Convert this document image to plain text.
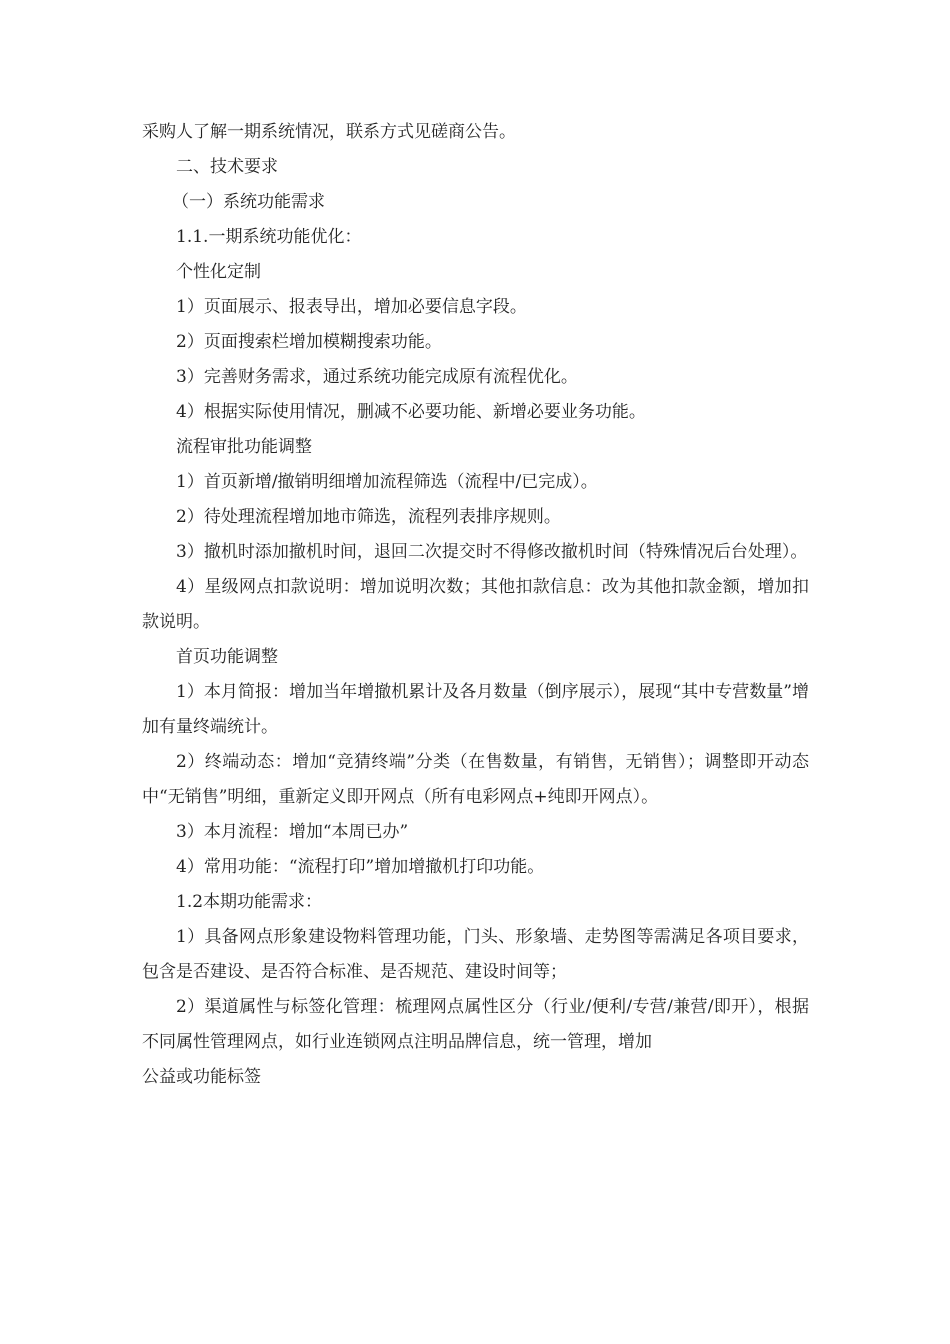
采购人了解一期系统情况，联系方式见磋商公告。
二、技术要求
（一）系统功能需求
1.1.一期系统功能优化：
个性化定制
1）页面展示、报表导出，增加必要信息字段。
2）页面搜索栏增加模糊搜索功能。
3）完善财务需求，通过系统功能完成原有流程优化。
4）根据实际使用情况，删减不必要功能、新增必要业务功能。
流程审批功能调整
1）首页新增/撤销明细增加流程筛选（流程中/已完成）。
2）待处理流程增加地市筛选，流程列表排序规则。

3）撤机时添加撤机时间，退回二次提交时不得修改撤机时间（特殊情况后台处理）。

4）星级网点扣款说明：增加说明次数；其他扣款信息：改为其他扣款金额，增加扣款说明。

首页功能调整

1）本月简报：增加当年增撤机累计及各月数量（倒序展示），展现“其中专营数量”增加有量终端统计。

2）终端动态：增加“竞猜终端”分类（在售数量，有销售，无销售）；调整即开动态中“无销售”明细，重新定义即开网点（所有电彩网点+纯即开网点）。

3）本月流程：增加“本周已办”
4）常用功能：“流程打印”增加增撤机打印功能。
1.2本期功能需求：

1）具备网点形象建设物料管理功能，门头、形象墙、走势图等需满足各项目要求，包含是否建设、是否符合标准、是否规范、建设时间等；

2）渠道属性与标签化管理：梳理网点属性区分（行业/便利/专营/兼营/即开），根据不同属性管理网点，如行业连锁网点注明品牌信息，统一管理，增加

公益或功能标签
